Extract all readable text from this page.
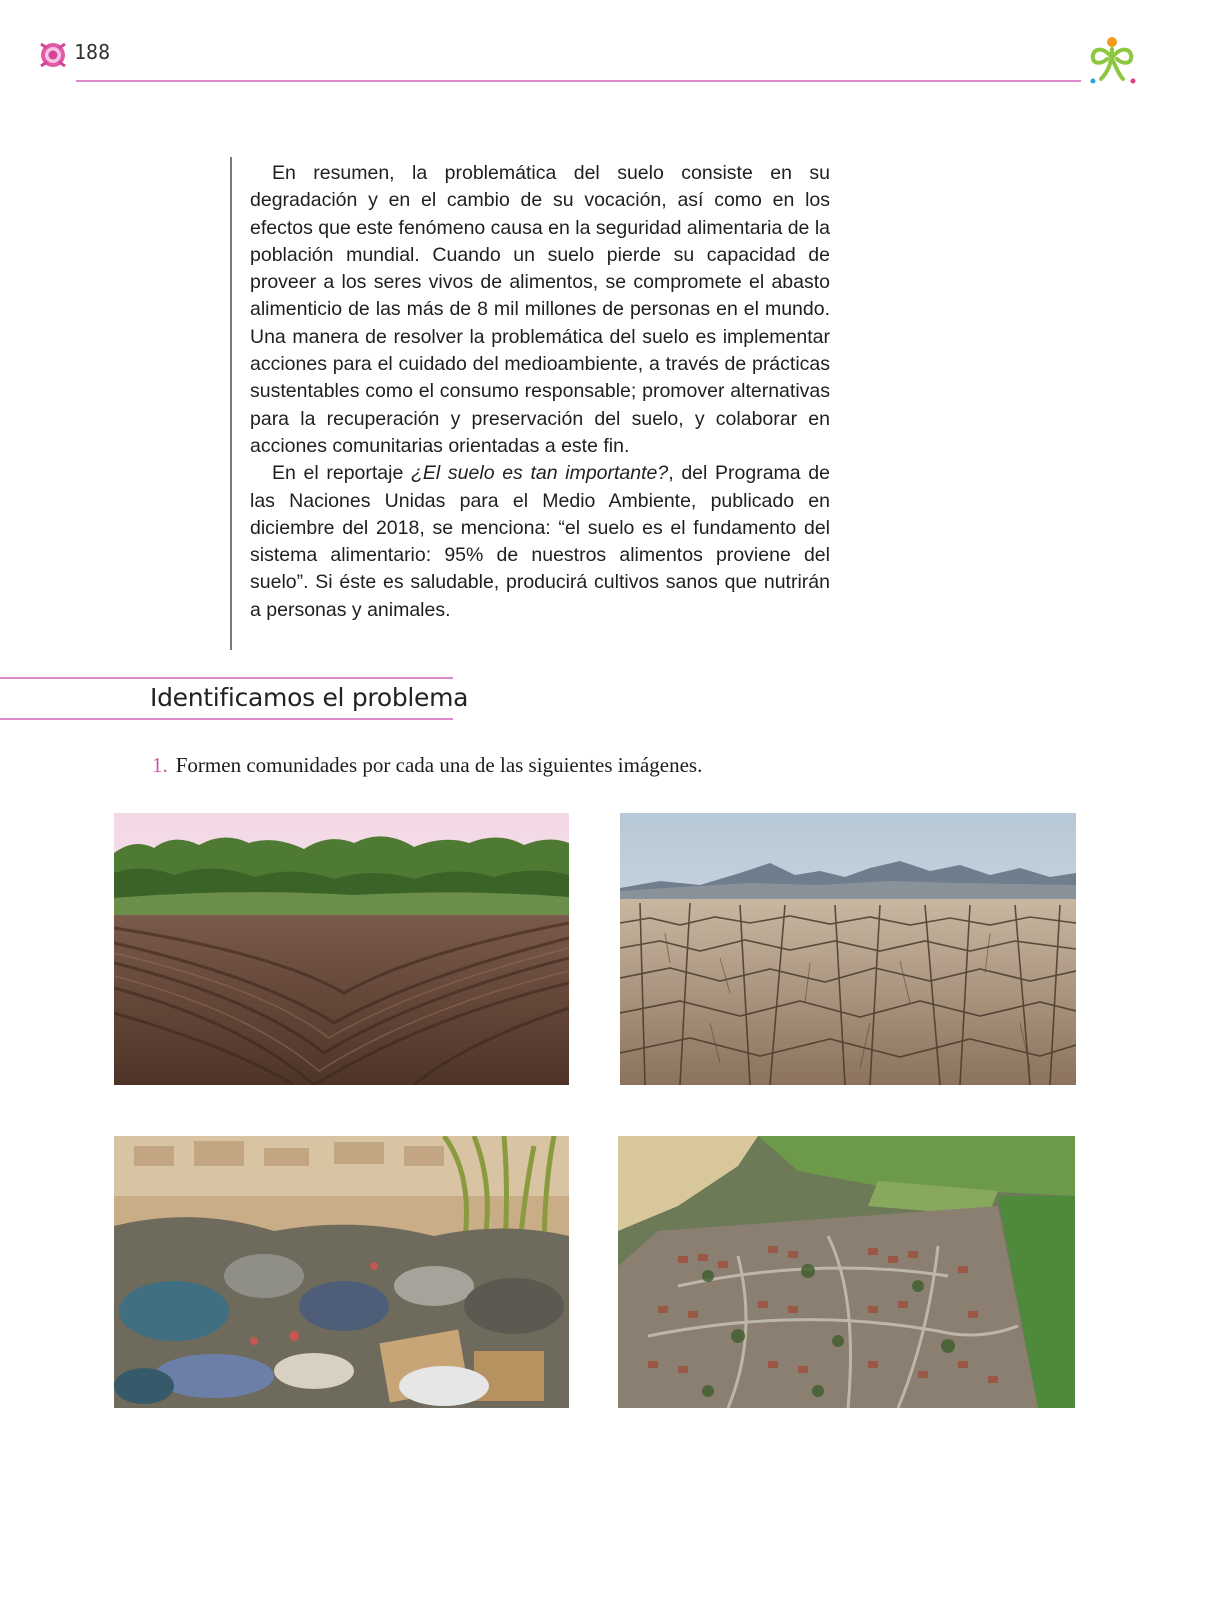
188

En resumen, la problemática del suelo consiste en su degradación y en el cambio de su vocación, así como en los efectos que este fenómeno causa en la seguridad alimentaria de la población mundial. Cuando un suelo pierde su capacidad de proveer a los seres vivos de alimentos, se compromete el abasto alimenticio de las más de 8 mil millones de personas en el mundo. Una manera de resolver la problemática del suelo es implementar acciones para el cuidado del medioambiente, a través de prácticas sustentables como el consumo responsable; promover alternativas para la recuperación y preservación del suelo, y colaborar en acciones comunitarias orientadas a este fin.

En el reportaje ¿El suelo es tan importante?, del Programa de las Naciones Unidas para el Medio Ambiente, publicado en diciembre del 2018, se menciona: “el suelo es el fundamento del sistema alimentario: 95% de nuestros alimentos proviene del suelo”. Si éste es saludable, producirá cultivos sanos que nutrirán a personas y animales.

Identificamos el problema
1. Formen comunidades por cada una de las siguientes imágenes.
